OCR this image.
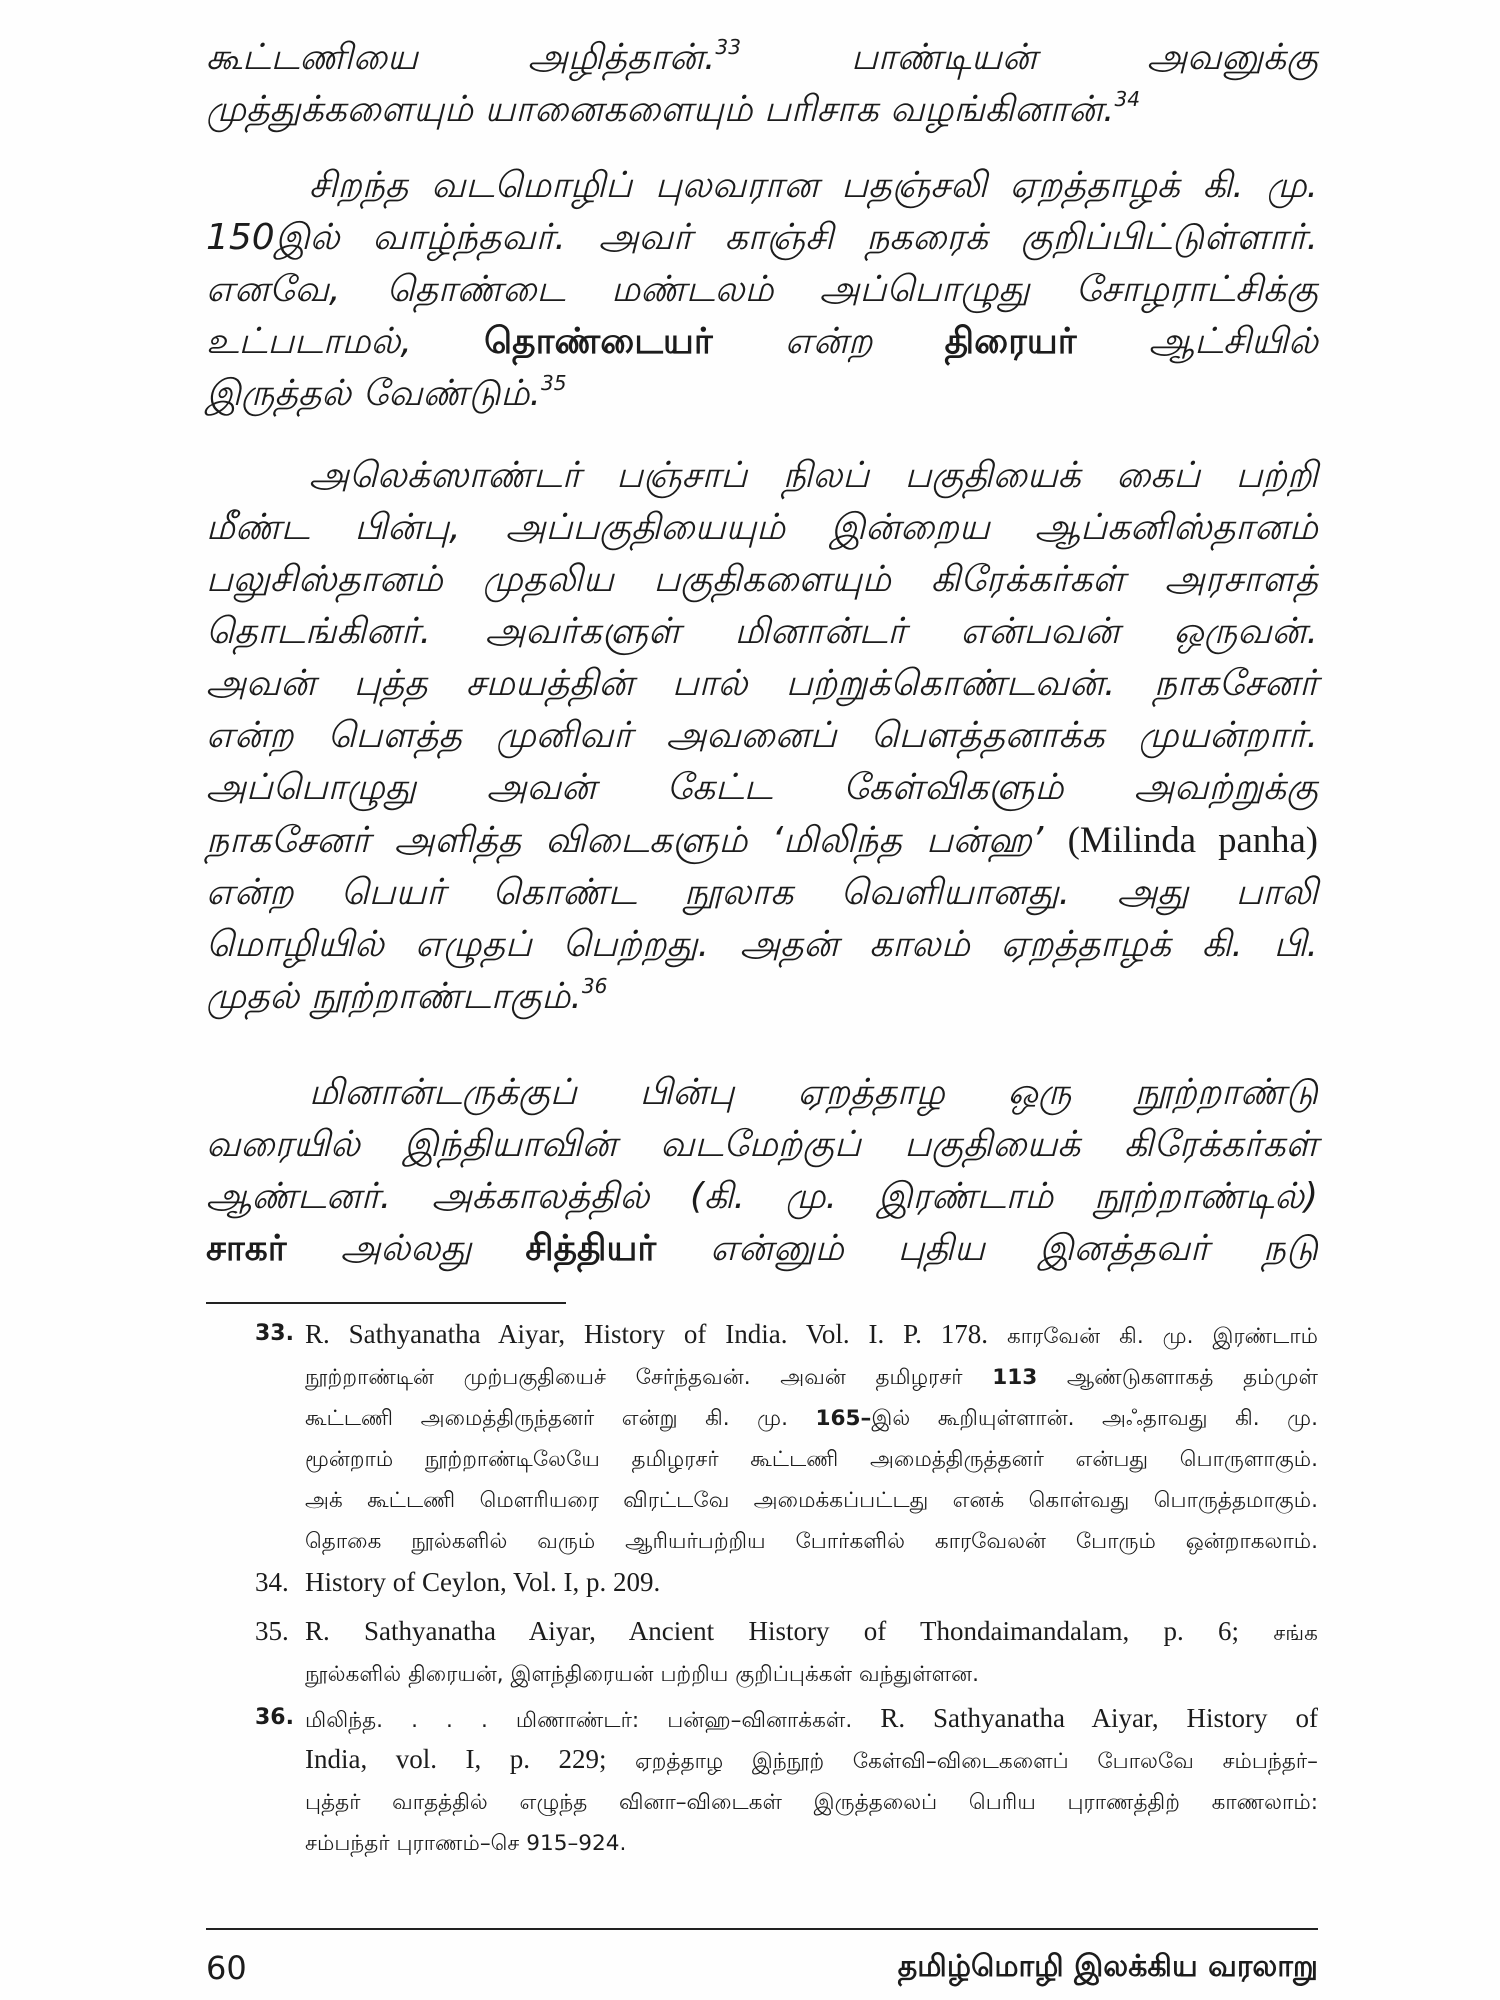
கூட்டணியை அழித்தான்.$^{33}$ பாண்டியன் அவனுக்கு
முத்துக்களையும் யானைகளையும் பரிசாக வழங்கினான்.$^{34}$
சிறந்த வடமொழிப் புலவரான பதஞ்சலி ஏறத்தாழக் கி. மு.
150இல் வாழ்ந்தவர். அவர் காஞ்சி நகரைக் குறிப்பிட்டுள்ளார்.
எனவே, தொண்டை மண்டலம் அப்பொழுது சோழராட்சிக்கு
உட்படாமல், தொண்டையர் என்ற திரையர் ஆட்சியில்
இருத்தல் வேண்டும்.$^{35}$
அலெக்ஸாண்டர் பஞ்சாப் நிலப் பகுதியைக் கைப் பற்றி
மீண்ட பின்பு, அப்பகுதியையும் இன்றைய ஆப்கனிஸ்தானம்
பலுசிஸ்தானம் முதலிய பகுதிகளையும் கிரேக்கர்கள் அரசாளத்
தொடங்கினர். அவர்களுள் மினான்டர் என்பவன் ஒருவன்.
அவன் புத்த சமயத்தின் பால் பற்றுக்கொண்டவன். நாகசேனர்
என்ற பௌத்த முனிவர் அவனைப் பௌத்தனாக்க முயன்றார்.
அப்பொழுது அவன் கேட்ட கேள்விகளும் அவற்றுக்கு
நாகசேனர் அளித்த விடைகளும் ‘மிலிந்த பன்ஹ’ (Milinda panha)
என்ற பெயர் கொண்ட நூலாக வெளியானது. அது பாலி
மொழியில் எழுதப் பெற்றது. அதன் காலம் ஏறத்தாழக் கி. பி.
முதல் நூற்றாண்டாகும்.$^{36}$
மினான்டருக்குப் பின்பு ஏறத்தாழ ஒரு நூற்றாண்டு
வரையில் இந்தியாவின் வடமேற்குப் பகுதியைக் கிரேக்கர்கள்
ஆண்டனர். அக்காலத்தில் (கி. மு. இரண்டாம் நூற்றாண்டில்)
சாகர் அல்லது சித்தியர் என்னும் புதிய இனத்தவர் நடு
33. R. Sathyanatha Aiyar, History of India. Vol. I. P. 178. காரவேன் கி. மு. இரண்டாம்
நூற்றாண்டின் முற்பகுதியைச் சேர்ந்தவன். அவன் தமிழரசர் 113 ஆண்டுகளாகத் தம்முள்
கூட்டணி அமைத்திருந்தனர் என்று கி. மு. 165–இல் கூறியுள்ளான். அஃதாவது கி. மு.
மூன்றாம் நூற்றாண்டிலேயே தமிழரசர் கூட்டணி அமைத்திருத்தனர் என்பது பொருளாகும்.
அக் கூட்டணி மௌரியரை விரட்டவே அமைக்கப்பட்டது எனக் கொள்வது பொருத்தமாகும்.
தொகை நூல்களில் வரும் ஆரியர்பற்றிய போர்களில் காரவேலன் போரும் ஒன்றாகலாம்.
34. History of Ceylon, Vol. I, p. 209.
35. R. Sathyanatha Aiyar, Ancient History of Thondaimandalam, p. 6; சங்க
நூல்களில் திரையன், இளந்திரையன் பற்றிய குறிப்புக்கள் வந்துள்ளன.
36. மிலிந்த. . . . மிணாண்டர்: பன்ஹ–வினாக்கள். R. Sathyanatha Aiyar, History of
India, vol. I, p. 229; ஏறத்தாழ இந்நூற் கேள்வி–விடைகளைப் போலவே சம்பந்தர்–
புத்தர் வாதத்தில் எழுந்த வினா–விடைகள் இருத்தலைப் பெரிய புராணத்திற் காணலாம்:
சம்பந்தர் புராணம்–செ 915–924.
60	தமிழ்மொழி இலக்கிய வரலாறு
